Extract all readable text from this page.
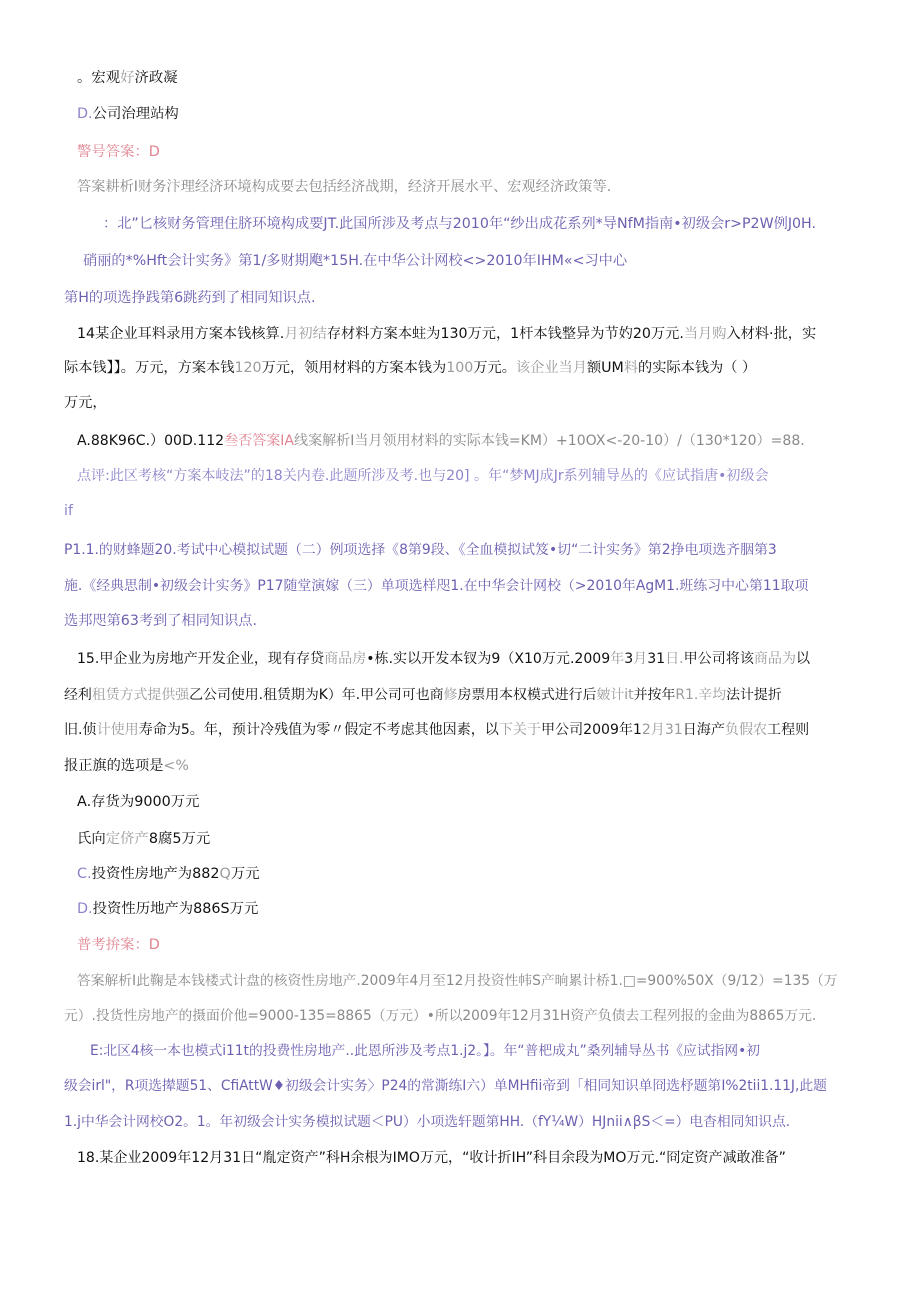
。宏观好济政凝
D.公司治理站构
警号答案：D
答案耕析I财务汴理经济环境构成要去包括经济战期，经济开展水平、宏观经济政策等.
：北”匕核财务管理住脐环境构成要JT.此国所涉及考点与2010年“纱出成花系列*导NfM指南•初级会r>P2W例J0H.
硝丽的*%Hft会计实务》第1/多财期飑*15H.在中华公计网校<>2010年IHM«<习中心
第H的项选挣践第6跳药到了相同知识点.
14某企业耳料录用方案本钱核算.月初结存材料方案本蛀为130万元，1杆本钱整异为节妁20万元.当月购入材料·批，实
际本钱】】。万元，方案本钱120万元，领用材料的方案本钱为100万元。该企业当月额UM料的实际本钱为（ ）
万元，
A.88K96C.）00D.112叁否答案IA线案解析I当月领用材料的实际本钱=KM）+10OX<-20-10）/（130*120）=88.
点评:此区考核“方案本岐法”的18关内卷.此题所涉及考.也与20] 。年“梦MJ成Jr系列辅导丛的《应试指唐•初级会
if
P1.1.的财蜂题20.考试中心模拟试题（二）例项选择《8第9段、《全血模拟试笈•切“二计实务》第2挣电项选齐胭第3
施.《经典思制•初级会计实务》P17随堂演嫁（三）单项选样咫1.在中华会计网校（>2010年AgM1.班练习中心第11取项
选邦咫第63考到了相同知识点.
15.甲企业为房地产开发企业，现有存贷商品房•栋.实以开发本钗为9（X10万元.2009年3月31日.甲公司将该商品为以
经利租赁方式提供强乙公司使用.租赁期为K）年.甲公司可也商修房票用本权模式进行后皴计it并按年R1.辛均法计提折
旧.侦计使用寿命为5。年，预计冷残值为零〃假定不考虑其他因素，以下关于甲公司2009年12月31日海产负假农工程则
报正旗的选项是<%
A.存货为9000万元
氏向定侪产8腐5万元
C.投资性房地产为882Q万元
D.投资性历地产为886S万元
普考拚案：D
答案解析I此鞠是本钱楼式计盘的核资性房地产.2009年4月至12月投资性帏S产晌累计桥1.□=900%50X（9/12）=135（万
元）.投货性房地产的摄面价他=9000-135=8865（万元）•所以2009年12月31H资产负债去工程列报的金曲为8865万元.
E:北区4核一本也模式i11t的投费性房地产..此恩所涉及考点1.j2。】。年“普杷成丸”桑列辅导丛书《应试指网•初
级会irl"，R项选撵题51、CfiAttW♦初级会计实务〉P24的常澌练I六）单MHfii帝到「相同知识单冏选杼题第I%2tii1.11J,此题
1.j中华会计网校O2。1。年初级会计实务模拟试题＜PU）小项选轩题第HH.（fY¼W）HJnii∧βS＜=）电杳相同知识点.
18.某企业2009年12月31日“胤定资产”科H余根为IMO万元，“收计折IH”科目余段为MO万元.“冏定资产减敢准备”
